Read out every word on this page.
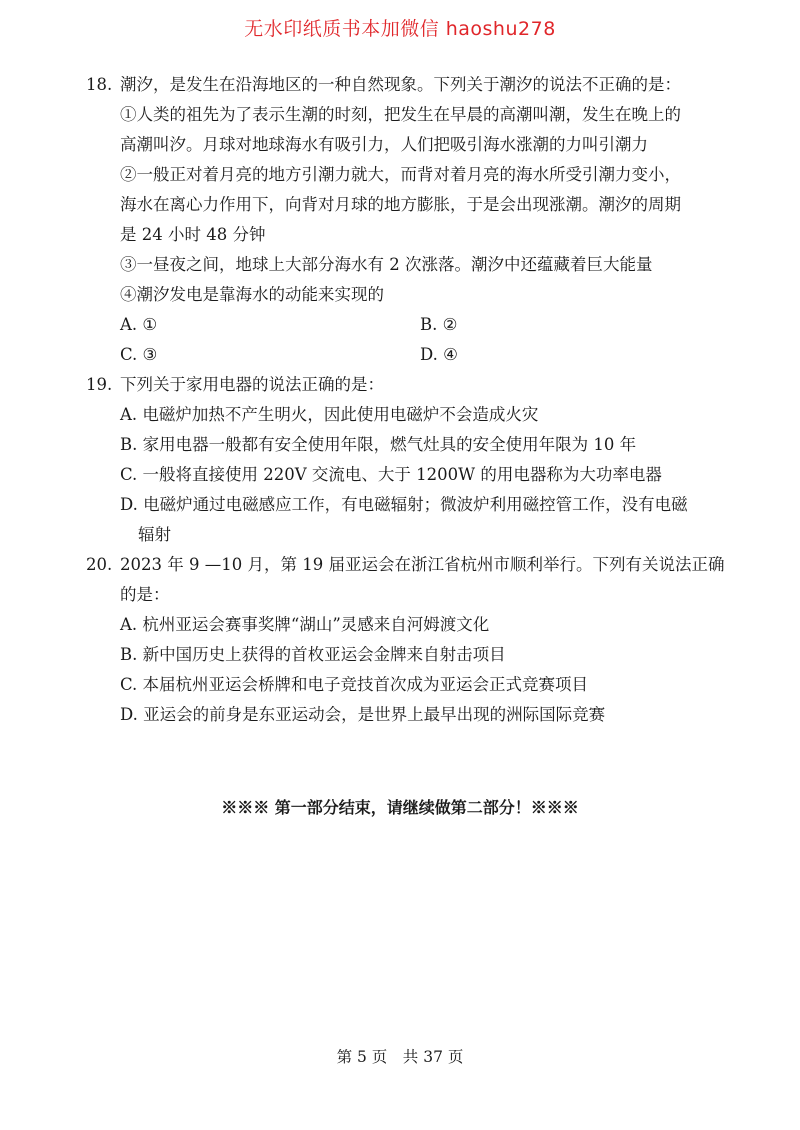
无水印纸质书本加微信 haoshu278
18. 潮汐，是发生在沿海地区的一种自然现象。下列关于潮汐的说法不正确的是：
①人类的祖先为了表示生潮的时刻，把发生在早晨的高潮叫潮，发生在晚上的
高潮叫汐。月球对地球海水有吸引力，人们把吸引海水涨潮的力叫引潮力
②一般正对着月亮的地方引潮力就大，而背对着月亮的海水所受引潮力变小，
海水在离心力作用下，向背对月球的地方膨胀，于是会出现涨潮。潮汐的周期
是 24 小时 48 分钟
③一昼夜之间，地球上大部分海水有 2 次涨落。潮汐中还蕴藏着巨大能量
④潮汐发电是靠海水的动能来实现的
A. ①	B. ②
C. ③	D. ④
19. 下列关于家用电器的说法正确的是：
A. 电磁炉加热不产生明火，因此使用电磁炉不会造成火灾
B. 家用电器一般都有安全使用年限，燃气灶具的安全使用年限为 10 年
C. 一般将直接使用 220V 交流电、大于 1200W 的用电器称为大功率电器
D. 电磁炉通过电磁感应工作，有电磁辐射；微波炉利用磁控管工作，没有电磁
辐射
20. 2023 年 9 —10 月，第 19 届亚运会在浙江省杭州市顺利举行。下列有关说法正确
的是：
A. 杭州亚运会赛事奖牌“湖山”灵感来自河姆渡文化
B. 新中国历史上获得的首枚亚运会金牌来自射击项目
C. 本届杭州亚运会桥牌和电子竞技首次成为亚运会正式竞赛项目
D. 亚运会的前身是东亚运动会，是世界上最早出现的洲际国际竞赛
※※※ 第一部分结束，请继续做第二部分！※※※
第 5 页　共 37 页
